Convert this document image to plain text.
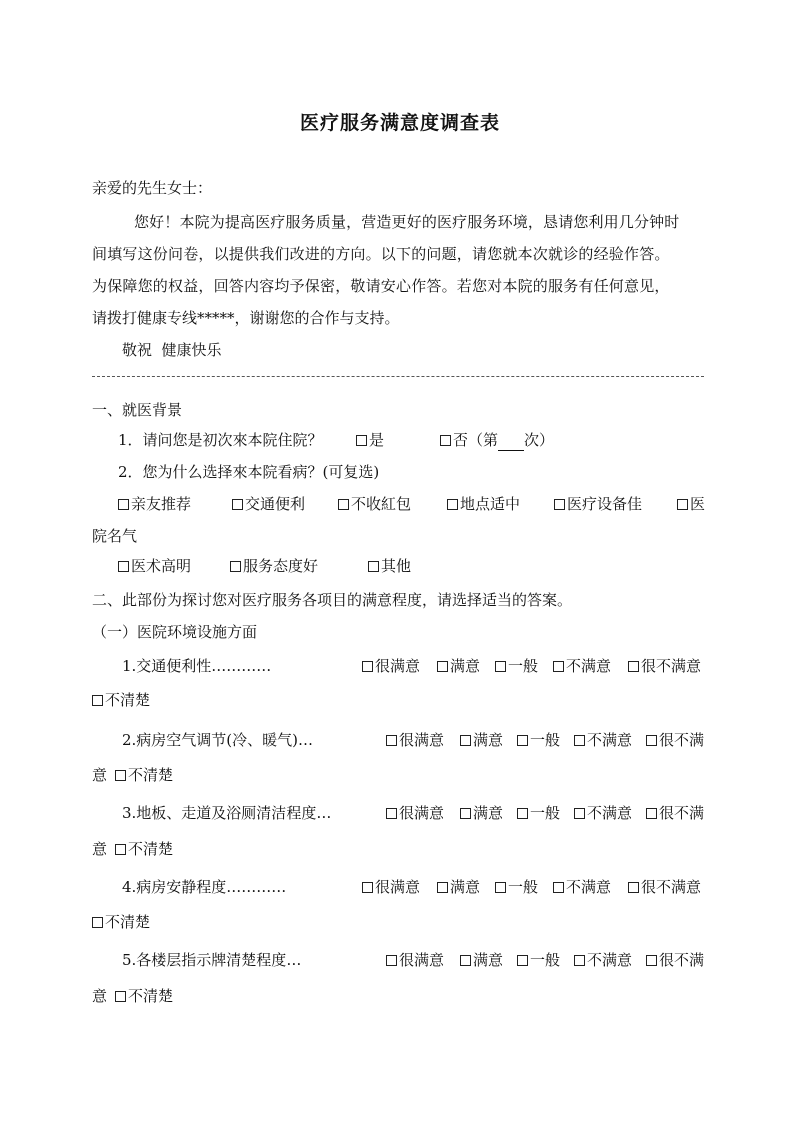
医疗服务满意度调查表
亲爱的先生女士：
您好！本院为提高医疗服务质量，营造更好的医疗服务环境，恳请您利用几分钟时
间填写这份问卷，以提供我们改进的方向。以下的问题，请您就本次就诊的经验作答。
为保障您的权益，回答内容均予保密，敬请安心作答。若您对本院的服务有任何意见，
请拨打健康专线*****，谢谢您的合作与支持。
敬祝  健康快乐
一、就医背景
1．请问您是初次來本院住院？	是	否（第 次）
2．您为什么选择來本院看病？(可复选)
亲友推荐	交通便利	不收紅包	地点适中	医疗设备佳	医
院名气
医术高明	服务态度好	其他
二、此部份为探讨您对医疗服务各项目的满意程度，请选择适当的答案。
（一）医院环境设施方面
1.交通便利性…………	很满意	满意	一般	不满意	很不满意
不清楚
2.病房空气调节(冷、暖气)…	很满意	满意	一般	不满意	很不满
意 不清楚
3.地板、走道及浴厕清洁程度…	很满意	满意	一般	不满意	很不满
意 不清楚
4.病房安静程度…………	很满意	满意	一般	不满意	很不满意
不清楚
5.各楼层指示牌清楚程度…	很满意	满意	一般	不满意	很不满
意 不清楚
